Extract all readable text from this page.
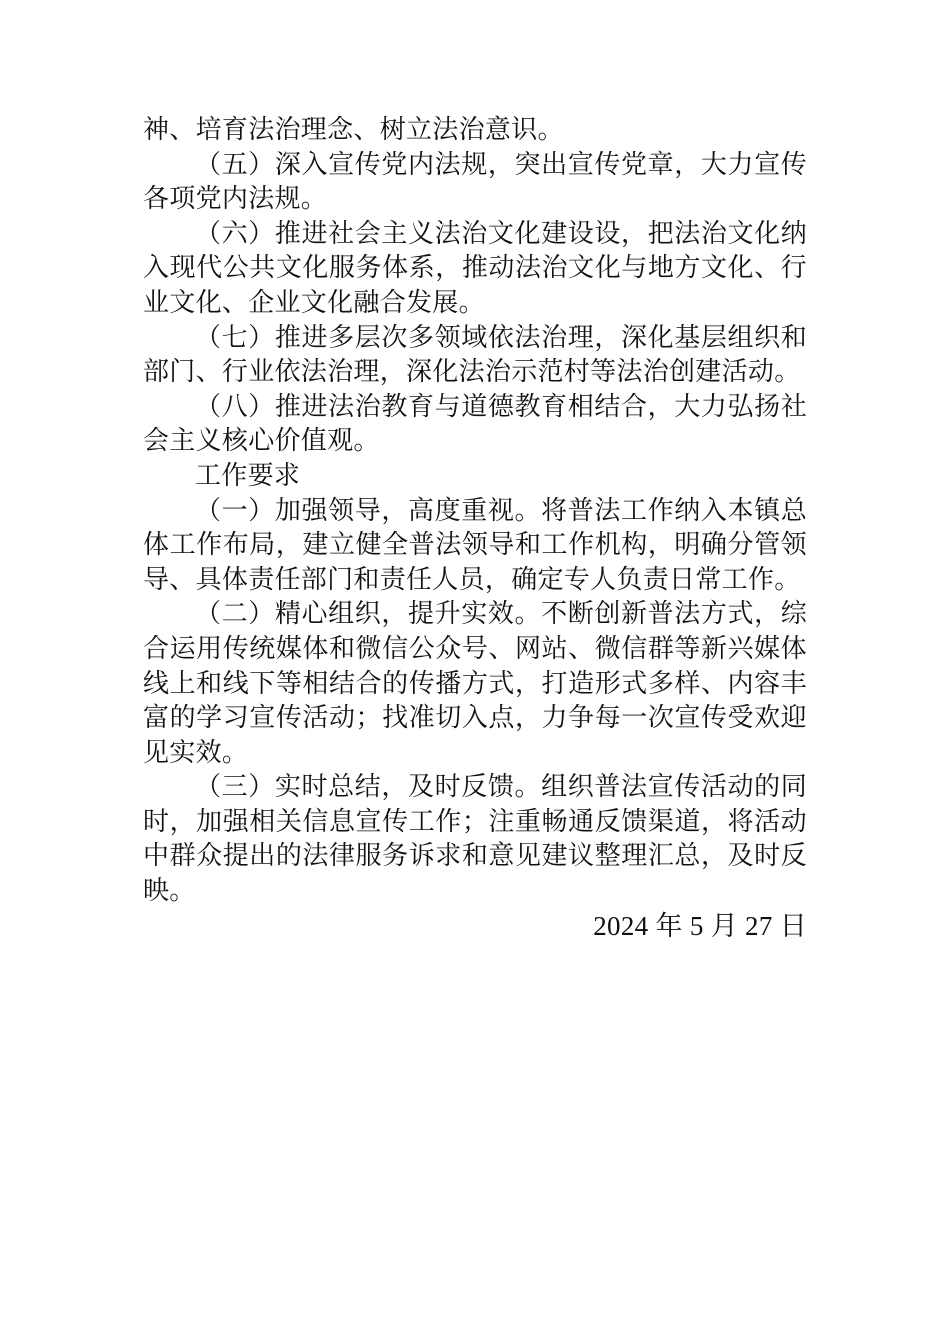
神、培育法治理念、树立法治意识。

（五）深入宣传党内法规，突出宣传党章，大力宣传各项党内法规。

（六）推进社会主义法治文化建设设，把法治文化纳入现代公共文化服务体系，推动法治文化与地方文化、行业文化、企业文化融合发展。

（七）推进多层次多领域依法治理，深化基层组织和部门、行业依法治理，深化法治示范村等法治创建活动。

（八）推进法治教育与道德教育相结合，大力弘扬社会主义核心价值观。

工作要求

（一）加强领导，高度重视。将普法工作纳入本镇总体工作布局，建立健全普法领导和工作机构，明确分管领导、具体责任部门和责任人员，确定专人负责日常工作。

（二）精心组织，提升实效。不断创新普法方式，综合运用传统媒体和微信公众号、网站、微信群等新兴媒体线上和线下等相结合的传播方式，打造形式多样、内容丰富的学习宣传活动；找准切入点，力争每一次宣传受欢迎见实效。

（三）实时总结，及时反馈。组织普法宣传活动的同时，加强相关信息宣传工作；注重畅通反馈渠道，将活动中群众提出的法律服务诉求和意见建议整理汇总，及时反映。

2024 年 5 月 27 日
